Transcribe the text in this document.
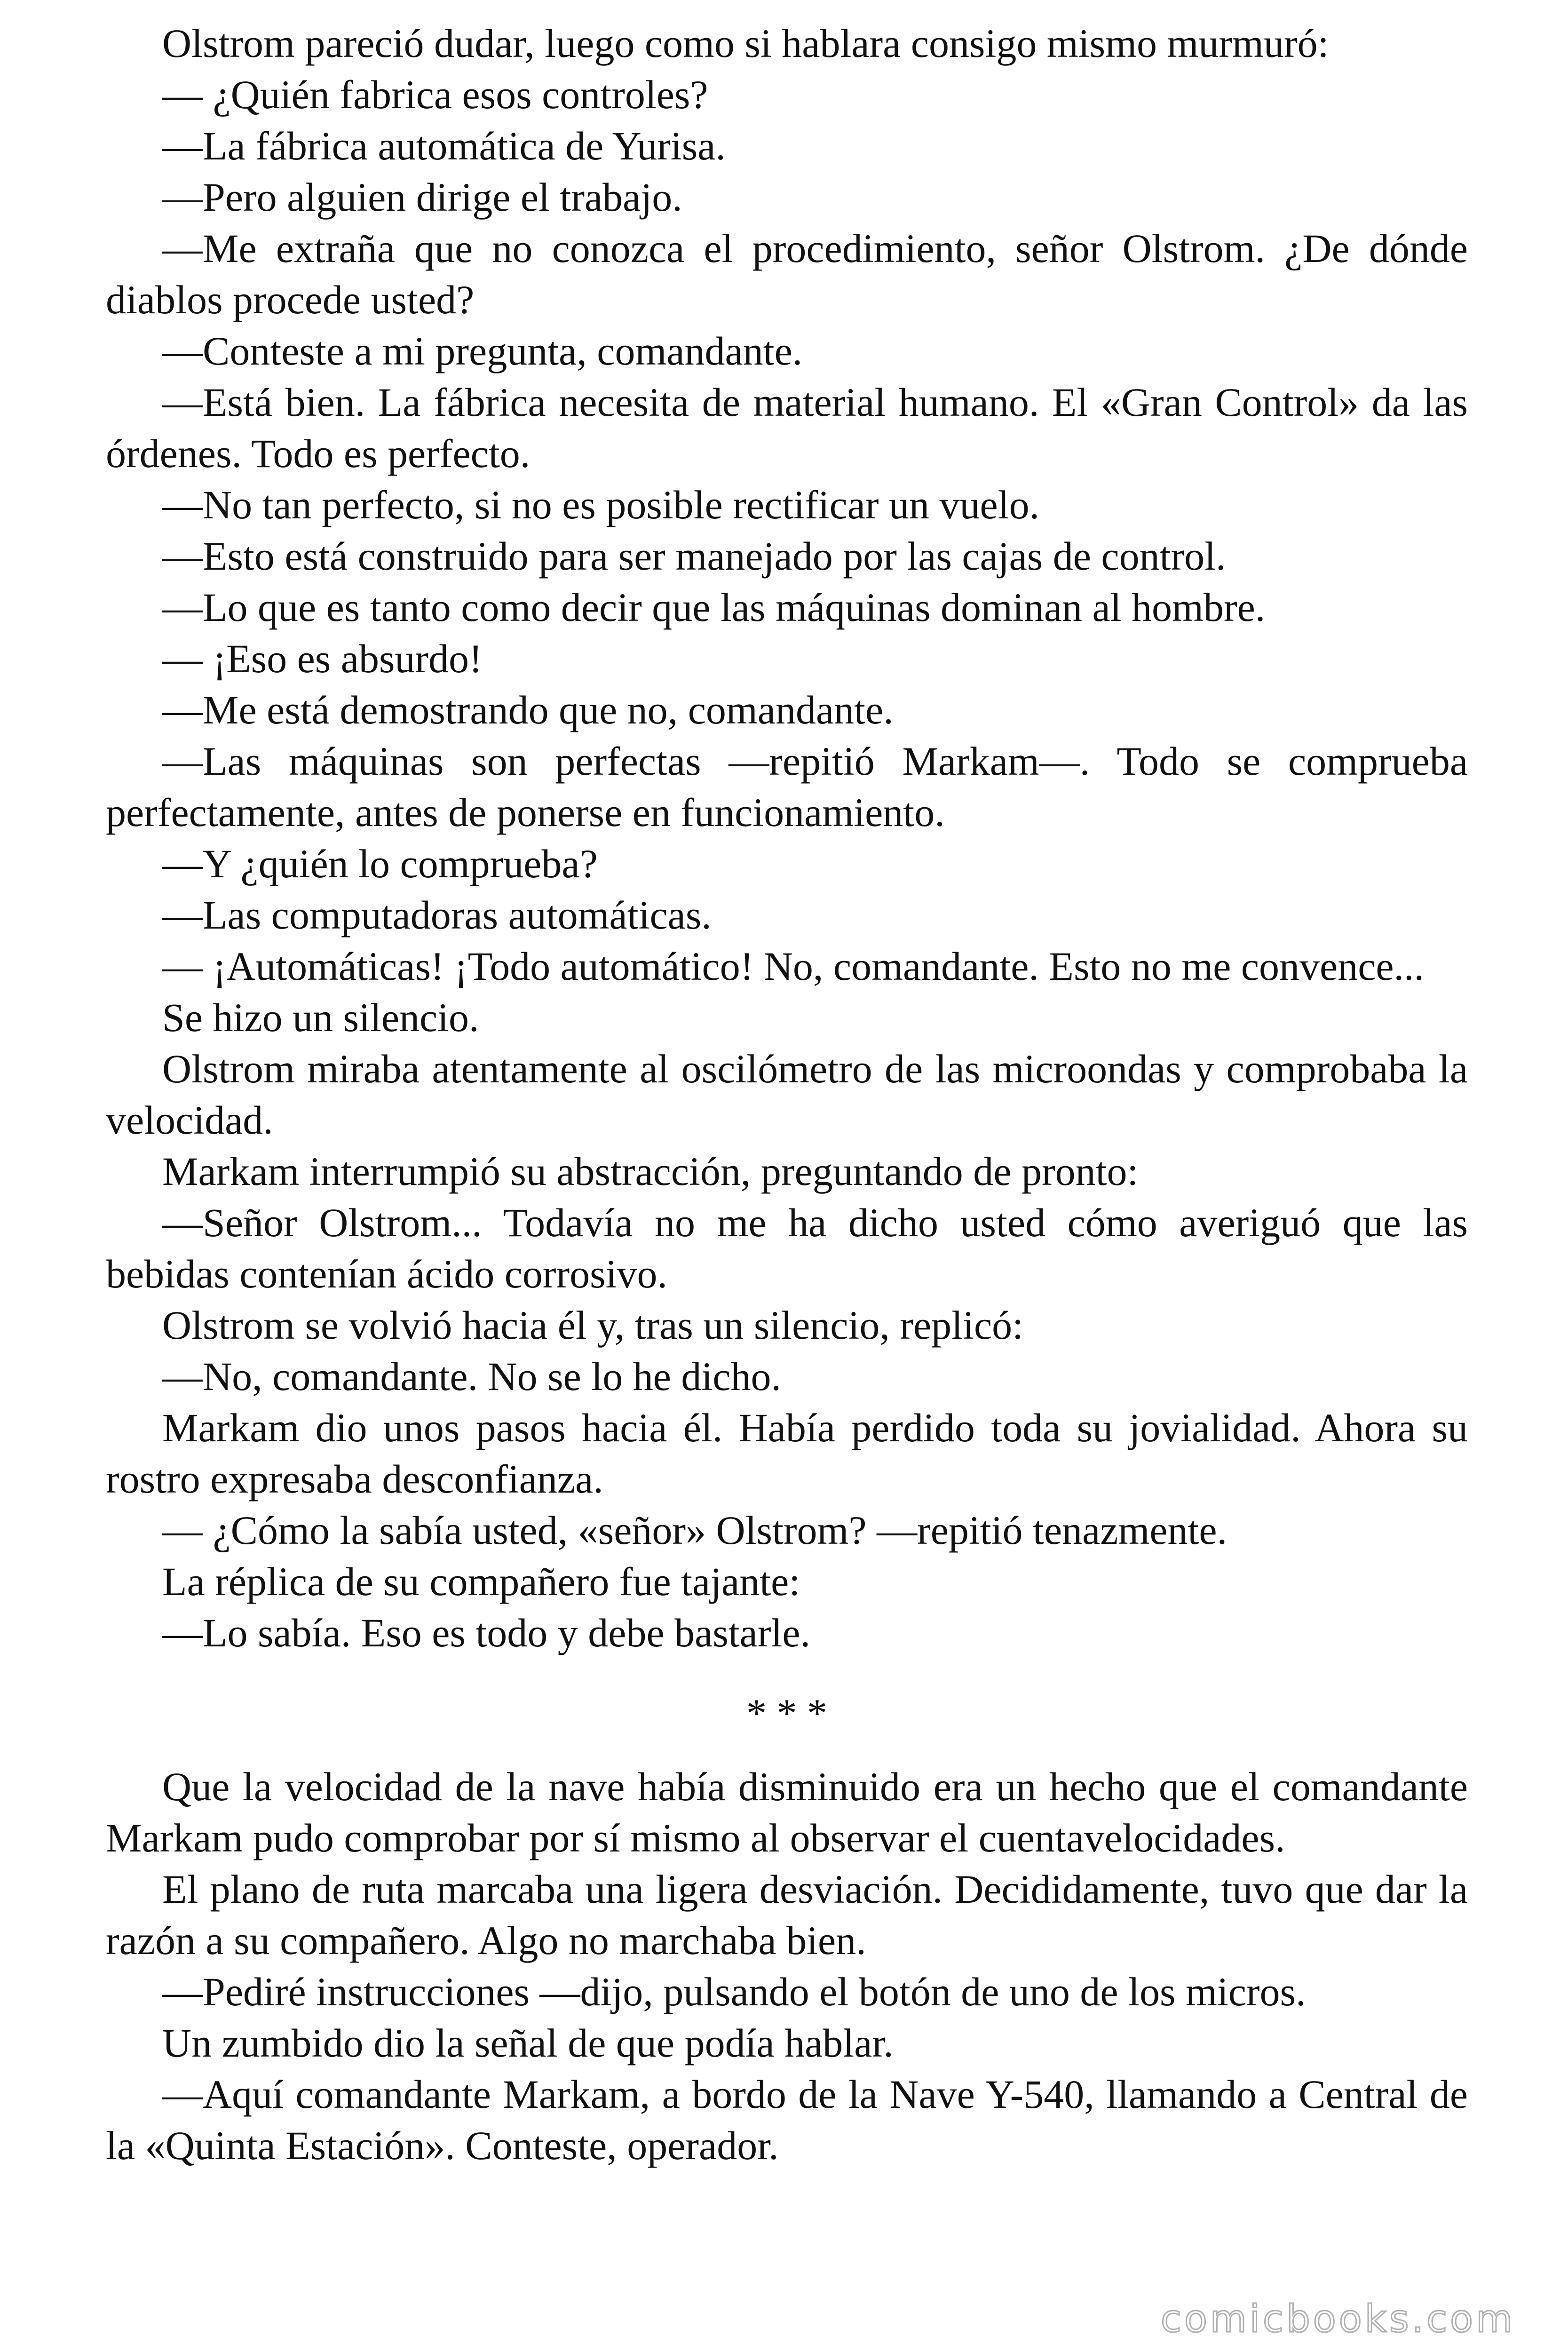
Olstrom pareció dudar, luego como si hablara consigo mismo murmuró:

— ¿Quién fabrica esos controles?

—La fábrica automática de Yurisa.

—Pero alguien dirige el trabajo.

—Me extraña que no conozca el procedimiento, señor Olstrom. ¿De dónde diablos procede usted?

—Conteste a mi pregunta, comandante.

—Está bien. La fábrica necesita de material humano. El «Gran Control» da las órdenes. Todo es perfecto.

—No tan perfecto, si no es posible rectificar un vuelo.

—Esto está construido para ser manejado por las cajas de control.

—Lo que es tanto como decir que las máquinas dominan al hombre.

— ¡Eso es absurdo!

—Me está demostrando que no, comandante.

—Las máquinas son perfectas —repitió Markam—. Todo se comprueba perfectamente, antes de ponerse en funcionamiento.

—Y ¿quién lo comprueba?

—Las computadoras automáticas.

— ¡Automáticas! ¡Todo automático! No, comandante. Esto no me convence...

Se hizo un silencio.

Olstrom miraba atentamente al oscilómetro de las microondas y comprobaba la velocidad.

Markam interrumpió su abstracción, preguntando de pronto:

—Señor Olstrom... Todavía no me ha dicho usted cómo averiguó que las bebidas contenían ácido corrosivo.

Olstrom se volvió hacia él y, tras un silencio, replicó:

—No, comandante. No se lo he dicho.

Markam dio unos pasos hacia él. Había perdido toda su jovialidad. Ahora su rostro expresaba desconfianza.

— ¿Cómo la sabía usted, «señor» Olstrom? —repitió tenazmente.

La réplica de su compañero fue tajante:

—Lo sabía. Eso es todo y debe bastarle.

* * *

Que la velocidad de la nave había disminuido era un hecho que el comandante Markam pudo comprobar por sí mismo al observar el cuentavelocidades.

El plano de ruta marcaba una ligera desviación. Decididamente, tuvo que dar la razón a su compañero. Algo no marchaba bien.

—Pediré instrucciones —dijo, pulsando el botón de uno de los micros.

Un zumbido dio la señal de que podía hablar.

—Aquí comandante Markam, a bordo de la Nave Y-540, llamando a Central de la «Quinta Estación». Conteste, operador.

comicbooks.com
